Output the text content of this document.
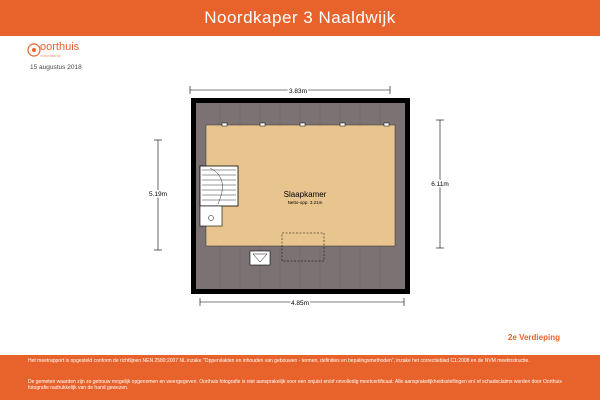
Noordkaper 3 Naaldwijk
oorthuis
makelaardij
15 augustus 2018
3.83m
4.85m
5.19m
6.11m
Slaapkamer
Netto-opp. 3.21m
2e Verdieping
Het meetrapport is opgesteld conform de richtlijnen NEN 2580:2007 NL inzake "Oppervlakten en inhouden van gebouwen - termen, definities en bepalingsmethoden", inzake het correctieblad C1:2008 en de NVM meetinstructie.
De gemeten waarden zijn zo getrouw mogelijk opgenomen en weergegeven. Oorthuis fotografie is niet aansprakelijk voor een onjuist en/of onvolledig meetcertificaat. Alle aansprakelijkheidsstellingen en/ of schadeclaims worden door Oorthuis fotografie nadrukkelijk van de hand gewezen.
